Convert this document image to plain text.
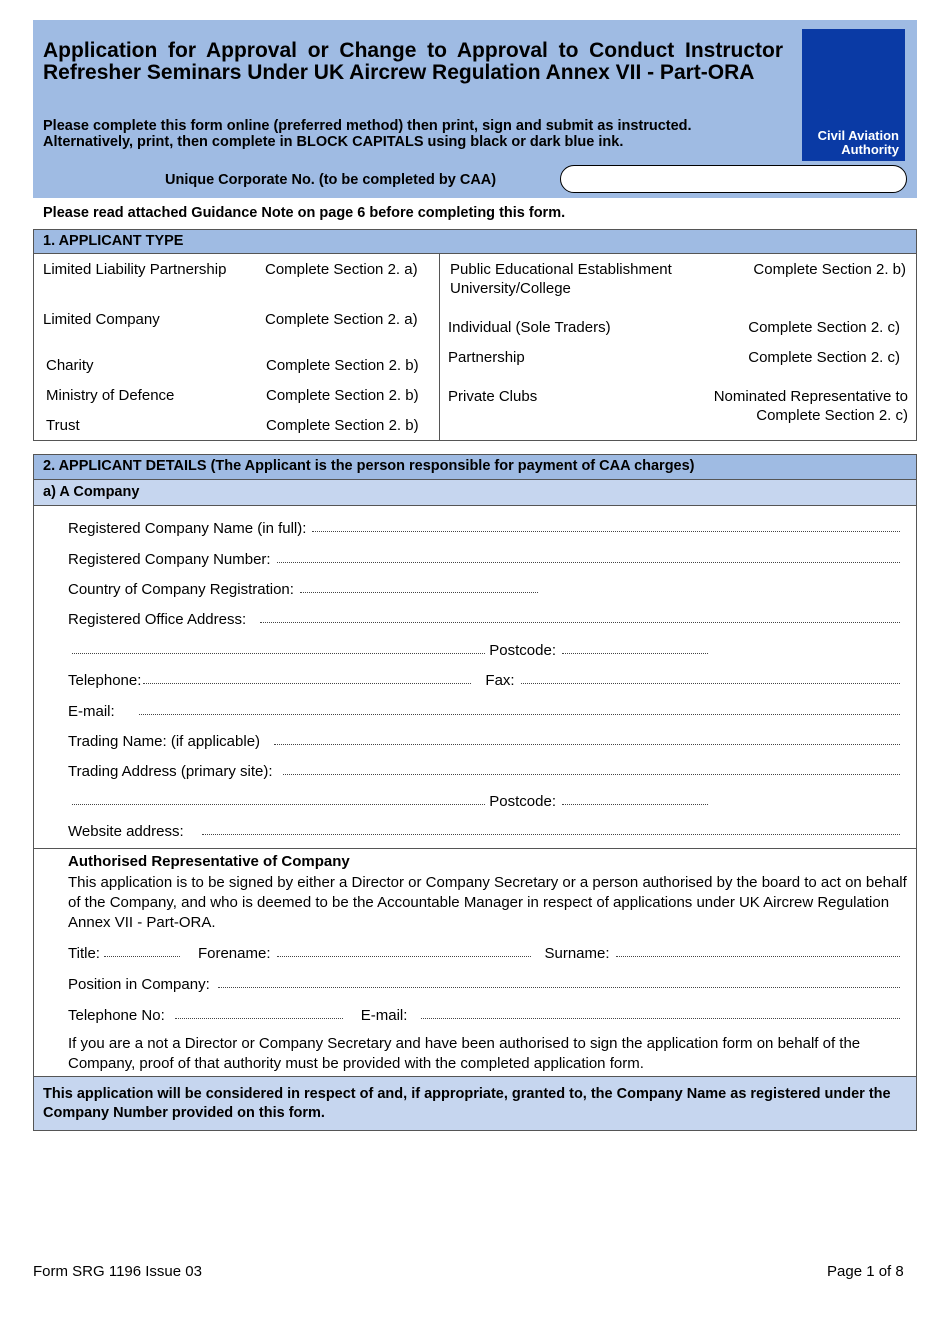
Application for Approval or Change to Approval to Conduct Instructor Refresher Seminars Under UK Aircrew Regulation Annex VII - Part-ORA
Please complete this form online (preferred method) then print, sign and submit as instructed. Alternatively, print, then complete in BLOCK CAPITALS using black or dark blue ink.	Civil Aviation
Authority
Unique Corporate No. (to be completed by CAA)
Please read attached Guidance Note on page 6 before completing this form.
1. APPLICANT TYPE
Limited Liability Partnership	Complete Section 2. a)
Limited Company	Complete Section 2. a)
Charity	Complete Section 2. b)
Ministry of Defence	Complete Section 2. b)
Trust	Complete Section 2. b)
Public Educational Establishment
University/College
Complete Section 2. b)
Individual (Sole Traders)	Complete Section 2. c)
Partnership	Complete Section 2. c)
Private Clubs	Nominated Representative to
Complete Section 2. c)
2. APPLICANT DETAILS (The Applicant is the person responsible for payment of CAA charges)
a) A Company
Registered Company Name (in full):
Registered Company Number:
Country of Company Registration:
Registered Office Address:
Postcode:
Telephone:	Fax:
E-mail:
Trading Name: (if applicable)
Trading Address (primary site):
Postcode:
Website address:
Authorised Representative of Company
This application is to be signed by either a Director or Company Secretary or a person authorised by the board to act on behalf of the Company, and who is deemed to be the Accountable Manager in respect of applications under UK Aircrew Regulation Annex VII - Part-ORA.
Title:	Forename:	Surname:
Position in Company:
Telephone No:	E-mail:
If you are a not a Director or Company Secretary and have been authorised to sign the application form on behalf of the Company, proof of that authority must be provided with the completed application form.
This application will be considered in respect of and, if appropriate, granted to, the Company Name as registered under the Company Number provided on this form.
Form SRG 1196 Issue 03	Page 1 of 8
